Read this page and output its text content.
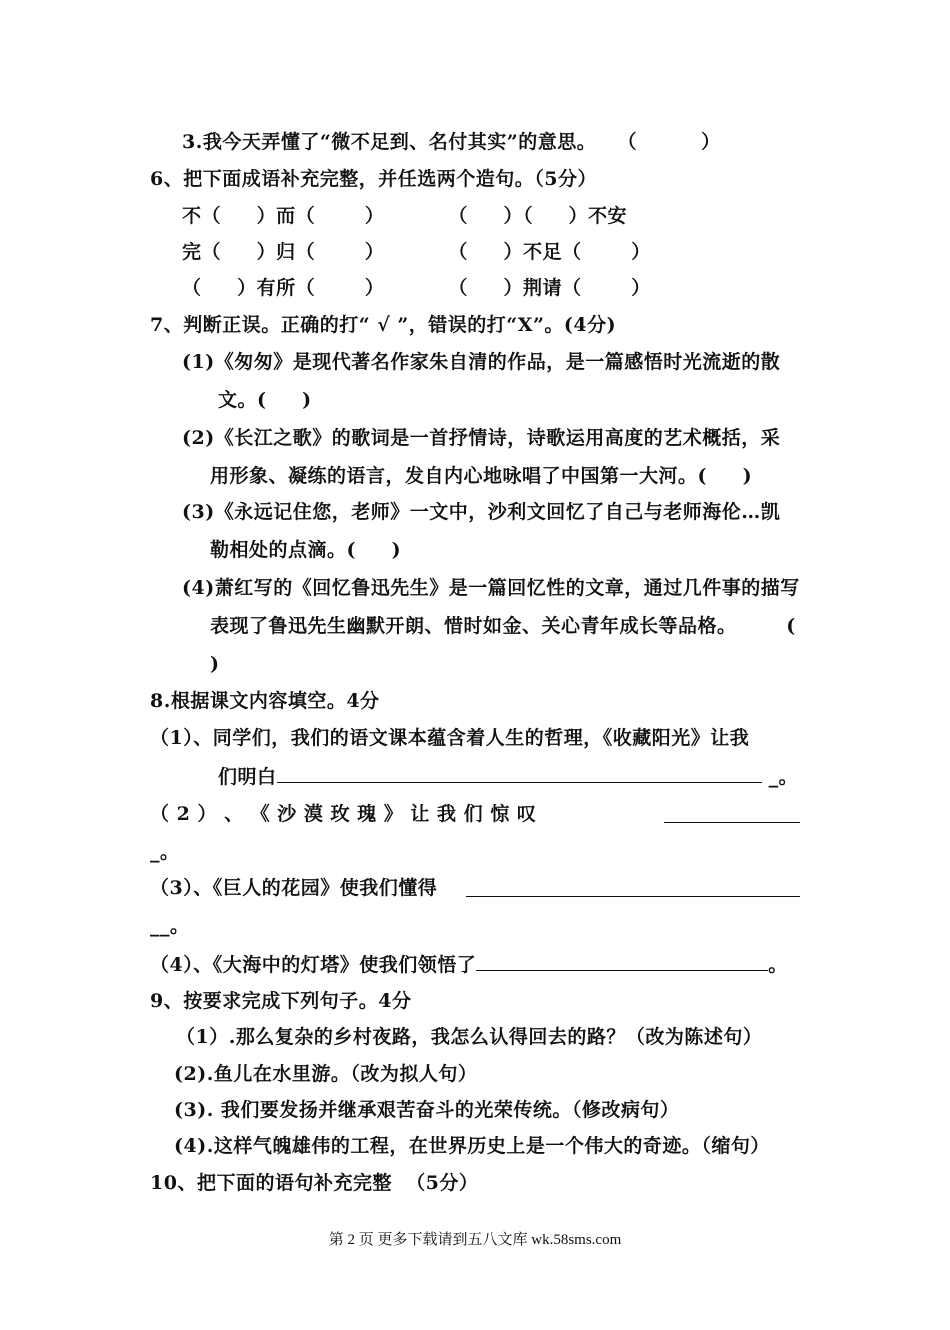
3.我今天弄懂了“微不足到、名付其实”的意思。   （         ）
6、把下面成语补充完整，并任选两个造句。（5分）
不（     ）而（       ）         （     ）（     ）不安
完（     ）归（       ）         （     ）不足（       ）
（     ）有所（       ）         （     ）荆请（       ）
7、判断正误。正确的打“ √ ”，错误的打“X”。(4分)
(1)《匆匆》是现代著名作家朱自清的作品，是一篇感悟时光流逝的散
文。(     )
(2)《长江之歌》的歌词是一首抒情诗，诗歌运用高度的艺术概括，采
用形象、凝练的语言，发自内心地咏唱了中国第一大河。(     )
(3)《永远记住您，老师》一文中，沙利文回忆了自己与老师海伦…凯
勒相处的点滴。(     )
(4)萧红写的《回忆鲁迅先生》是一篇回忆性的文章，通过几件事的描写
表现了鲁迅先生幽默开朗、惜时如金、关心青年成长等品格。       (
)
8.根据课文内容填空。4分
（1）、同学们，我们的语文课本蕴含着人生的哲理，《收藏阳光》让我
们明白	_。
（ 2 ） 、 《 沙 漠 玫 瑰 》 让 我 们 惊 叹
_。
（3）、《巨人的花园》使我们懂得
__。
（4）、《大海中的灯塔》使我们领悟了	。
9、按要求完成下列句子。4分
（1）.那么复杂的乡村夜路，我怎么认得回去的路？（改为陈述句）
(2).鱼儿在水里游。（改为拟人句）
(3). 我们要发扬并继承艰苦奋斗的光荣传统。（修改病句）
(4).这样气魄雄伟的工程，在世界历史上是一个伟大的奇迹。（缩句）
10、把下面的语句补充完整  （5分）
第 2 页 更多下载请到五八文库 wk.58sms.com
